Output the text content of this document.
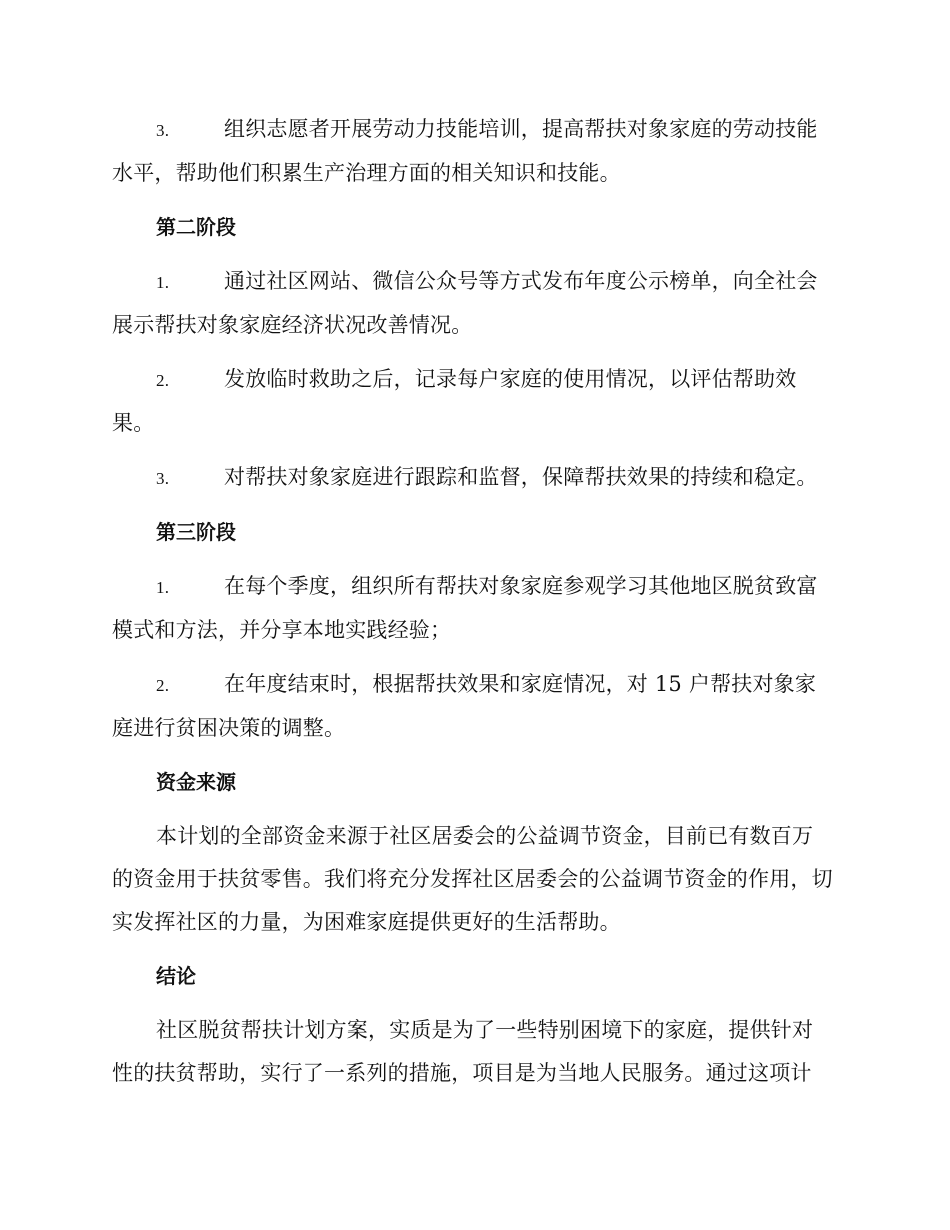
3.	组织志愿者开展劳动力技能培训，提高帮扶对象家庭的劳动技能水平，帮助他们积累生产治理方面的相关知识和技能。

第二阶段

1.	通过社区网站、微信公众号等方式发布年度公示榜单，向全社会展示帮扶对象家庭经济状况改善情况。

2.	发放临时救助之后，记录每户家庭的使用情况，以评估帮助效果。

3.	对帮扶对象家庭进行跟踪和监督，保障帮扶效果的持续和稳定。

第三阶段

1.	在每个季度，组织所有帮扶对象家庭参观学习其他地区脱贫致富模式和方法，并分享本地实践经验；

2.	在年度结束时，根据帮扶效果和家庭情况，对 15 户帮扶对象家庭进行贫困决策的调整。

资金来源

本计划的全部资金来源于社区居委会的公益调节资金，目前已有数百万的资金用于扶贫零售。我们将充分发挥社区居委会的公益调节资金的作用，切实发挥社区的力量，为困难家庭提供更好的生活帮助。

结论

社区脱贫帮扶计划方案，实质是为了一些特别困境下的家庭，提供针对性的扶贫帮助，实行了一系列的措施，项目是为当地人民服务。通过这项计
